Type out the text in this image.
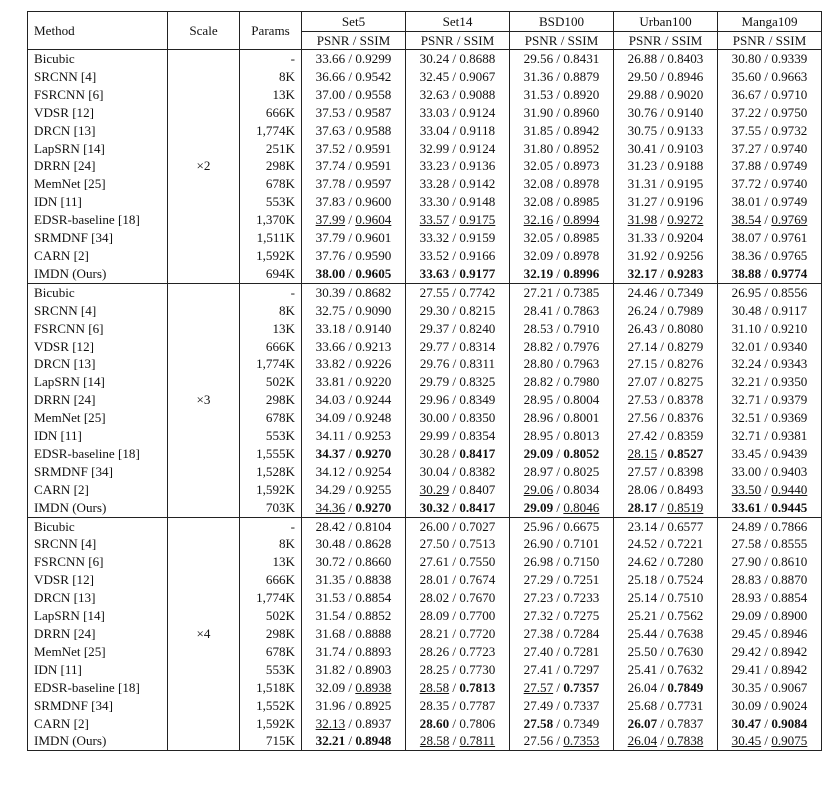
Method	Scale	Params	Set5	Set14	BSD100	Urban100	Manga109
			PSNR / SSIM	PSNR / SSIM	PSNR / SSIM	PSNR / SSIM	PSNR / SSIM
Bicubic	×2	-	33.66 / 0.9299	30.24 / 0.8688	29.56 / 0.8431	26.88 / 0.8403	30.80 / 0.9339
SRCNN [4]		8K	36.66 / 0.9542	32.45 / 0.9067	31.36 / 0.8879	29.50 / 0.8946	35.60 / 0.9663
FSRCNN [6]		13K	37.00 / 0.9558	32.63 / 0.9088	31.53 / 0.8920	29.88 / 0.9020	36.67 / 0.9710
VDSR [12]		666K	37.53 / 0.9587	33.03 / 0.9124	31.90 / 0.8960	30.76 / 0.9140	37.22 / 0.9750
DRCN [13]		1,774K	37.63 / 0.9588	33.04 / 0.9118	31.85 / 0.8942	30.75 / 0.9133	37.55 / 0.9732
LapSRN [14]		251K	37.52 / 0.9591	32.99 / 0.9124	31.80 / 0.8952	30.41 / 0.9103	37.27 / 0.9740
DRRN [24]		298K	37.74 / 0.9591	33.23 / 0.9136	32.05 / 0.8973	31.23 / 0.9188	37.88 / 0.9749
MemNet [25]		678K	37.78 / 0.9597	33.28 / 0.9142	32.08 / 0.8978	31.31 / 0.9195	37.72 / 0.9740
IDN [11]		553K	37.83 / 0.9600	33.30 / 0.9148	32.08 / 0.8985	31.27 / 0.9196	38.01 / 0.9749
EDSR-baseline [18]		1,370K	37.99 / 0.9604	33.57 / 0.9175	32.16 / 0.8994	31.98 / 0.9272	38.54 / 0.9769
SRMDNF [34]		1,511K	37.79 / 0.9601	33.32 / 0.9159	32.05 / 0.8985	31.33 / 0.9204	38.07 / 0.9761
CARN [2]		1,592K	37.76 / 0.9590	33.52 / 0.9166	32.09 / 0.8978	31.92 / 0.9256	38.36 / 0.9765
IMDN (Ours)		694K	38.00 / 0.9605	33.63 / 0.9177	32.19 / 0.8996	32.17 / 0.9283	38.88 / 0.9774
Bicubic	×3	-	30.39 / 0.8682	27.55 / 0.7742	27.21 / 0.7385	24.46 / 0.7349	26.95 / 0.8556
SRCNN [4]		8K	32.75 / 0.9090	29.30 / 0.8215	28.41 / 0.7863	26.24 / 0.7989	30.48 / 0.9117
FSRCNN [6]		13K	33.18 / 0.9140	29.37 / 0.8240	28.53 / 0.7910	26.43 / 0.8080	31.10 / 0.9210
VDSR [12]		666K	33.66 / 0.9213	29.77 / 0.8314	28.82 / 0.7976	27.14 / 0.8279	32.01 / 0.9340
DRCN [13]		1,774K	33.82 / 0.9226	29.76 / 0.8311	28.80 / 0.7963	27.15 / 0.8276	32.24 / 0.9343
LapSRN [14]		502K	33.81 / 0.9220	29.79 / 0.8325	28.82 / 0.7980	27.07 / 0.8275	32.21 / 0.9350
DRRN [24]		298K	34.03 / 0.9244	29.96 / 0.8349	28.95 / 0.8004	27.53 / 0.8378	32.71 / 0.9379
MemNet [25]		678K	34.09 / 0.9248	30.00 / 0.8350	28.96 / 0.8001	27.56 / 0.8376	32.51 / 0.9369
IDN [11]		553K	34.11 / 0.9253	29.99 / 0.8354	28.95 / 0.8013	27.42 / 0.8359	32.71 / 0.9381
EDSR-baseline [18]		1,555K	34.37 / 0.9270	30.28 / 0.8417	29.09 / 0.8052	28.15 / 0.8527	33.45 / 0.9439
SRMDNF [34]		1,528K	34.12 / 0.9254	30.04 / 0.8382	28.97 / 0.8025	27.57 / 0.8398	33.00 / 0.9403
CARN [2]		1,592K	34.29 / 0.9255	30.29 / 0.8407	29.06 / 0.8034	28.06 / 0.8493	33.50 / 0.9440
IMDN (Ours)		703K	34.36 / 0.9270	30.32 / 0.8417	29.09 / 0.8046	28.17 / 0.8519	33.61 / 0.9445
Bicubic	×4	-	28.42 / 0.8104	26.00 / 0.7027	25.96 / 0.6675	23.14 / 0.6577	24.89 / 0.7866
SRCNN [4]		8K	30.48 / 0.8628	27.50 / 0.7513	26.90 / 0.7101	24.52 / 0.7221	27.58 / 0.8555
FSRCNN [6]		13K	30.72 / 0.8660	27.61 / 0.7550	26.98 / 0.7150	24.62 / 0.7280	27.90 / 0.8610
VDSR [12]		666K	31.35 / 0.8838	28.01 / 0.7674	27.29 / 0.7251	25.18 / 0.7524	28.83 / 0.8870
DRCN [13]		1,774K	31.53 / 0.8854	28.02 / 0.7670	27.23 / 0.7233	25.14 / 0.7510	28.93 / 0.8854
LapSRN [14]		502K	31.54 / 0.8852	28.09 / 0.7700	27.32 / 0.7275	25.21 / 0.7562	29.09 / 0.8900
DRRN [24]		298K	31.68 / 0.8888	28.21 / 0.7720	27.38 / 0.7284	25.44 / 0.7638	29.45 / 0.8946
MemNet [25]		678K	31.74 / 0.8893	28.26 / 0.7723	27.40 / 0.7281	25.50 / 0.7630	29.42 / 0.8942
IDN [11]		553K	31.82 / 0.8903	28.25 / 0.7730	27.41 / 0.7297	25.41 / 0.7632	29.41 / 0.8942
EDSR-baseline [18]		1,518K	32.09 / 0.8938	28.58 / 0.7813	27.57 / 0.7357	26.04 / 0.7849	30.35 / 0.9067
SRMDNF [34]		1,552K	31.96 / 0.8925	28.35 / 0.7787	27.49 / 0.7337	25.68 / 0.7731	30.09 / 0.9024
CARN [2]		1,592K	32.13 / 0.8937	28.60 / 0.7806	27.58 / 0.7349	26.07 / 0.7837	30.47 / 0.9084
IMDN (Ours)		715K	32.21 / 0.8948	28.58 / 0.7811	27.56 / 0.7353	26.04 / 0.7838	30.45 / 0.9075
